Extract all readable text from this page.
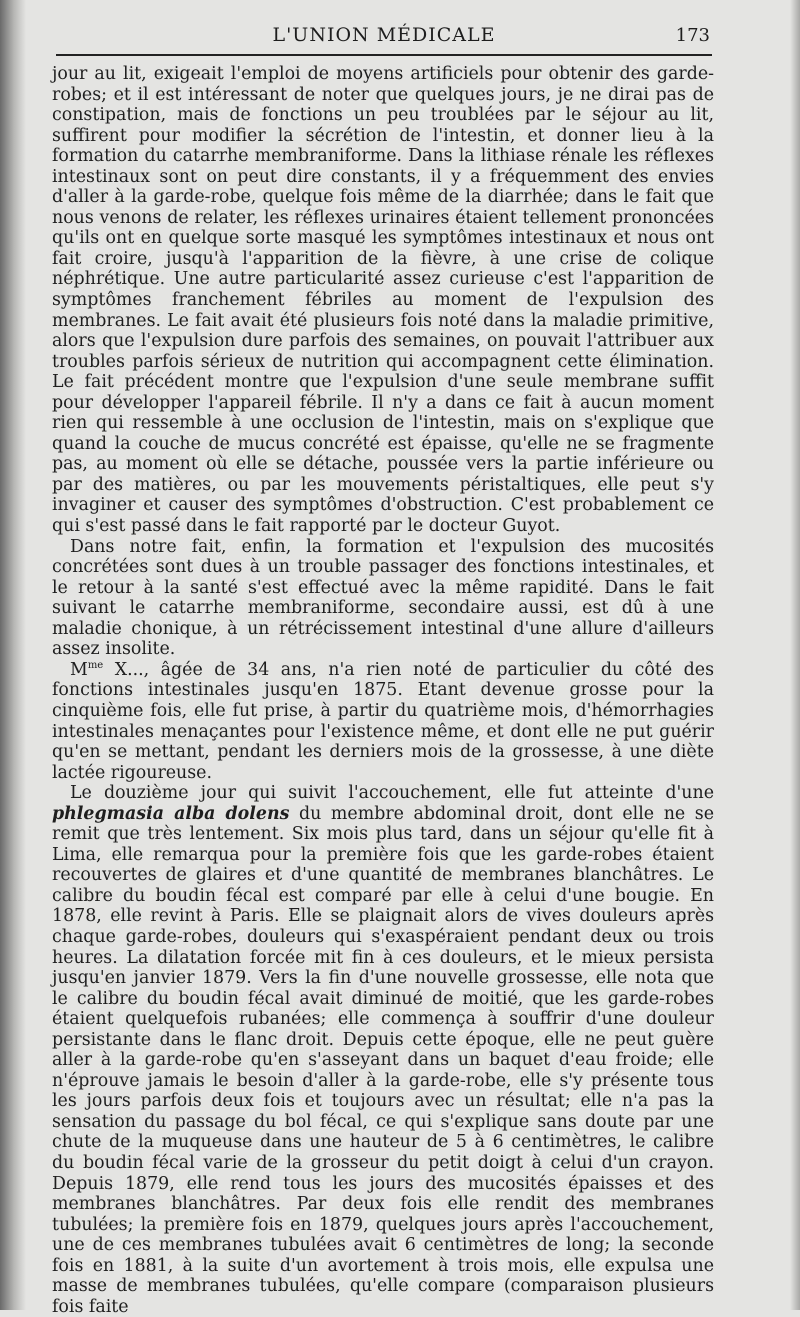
L'UNION MÉDICALE	173

jour au lit, exigeait l'emploi de moyens artificiels pour obtenir des garde-robes; et il est intéressant de noter que quelques jours, je ne dirai pas de constipation, mais de fonctions un peu troublées par le séjour au lit, suffirent pour modifier la sécrétion de l'intestin, et donner lieu à la formation du catarrhe membraniforme. Dans la lithiase rénale les réflexes intestinaux sont on peut dire constants, il y a fréquemment des envies d'aller à la garde-robe, quelque fois même de la diarrhée; dans le fait que nous venons de relater, les réflexes urinaires étaient tellement prononcées qu'ils ont en quelque sorte masqué les symptômes intestinaux et nous ont fait croire, jusqu'à l'apparition de la fièvre, à une crise de colique néphrétique. Une autre particularité assez curieuse c'est l'apparition de symptômes franchement fébriles au moment de l'expulsion des membranes. Le fait avait été plusieurs fois noté dans la maladie primitive, alors que l'expulsion dure parfois des semaines, on pouvait l'attribuer aux troubles parfois sérieux de nutrition qui accompagnent cette élimination. Le fait précédent montre que l'expulsion d'une seule membrane suffit pour développer l'appareil fébrile. Il n'y a dans ce fait à aucun moment rien qui ressemble à une occlusion de l'intestin, mais on s'explique que quand la couche de mucus concrété est épaisse, qu'elle ne se fragmente pas, au moment où elle se détache, poussée vers la partie inférieure ou par des matières, ou par les mouvements péristaltiques, elle peut s'y invaginer et causer des symptômes d'obstruction. C'est probablement ce qui s'est passé dans le fait rapporté par le docteur Guyot.

Dans notre fait, enfin, la formation et l'expulsion des mucosités concrétées sont dues à un trouble passager des fonctions intestinales, et le retour à la santé s'est effectué avec la même rapidité. Dans le fait suivant le catarrhe membraniforme, secondaire aussi, est dû à une maladie chonique, à un rétrécissement intestinal d'une allure d'ailleurs assez insolite.

$M^{me}$ X..., âgée de 34 ans, n'a rien noté de particulier du côté des fonctions intestinales jusqu'en 1875. Etant devenue grosse pour la cinquième fois, elle fut prise, à partir du quatrième mois, d'hémorrhagies intestinales menaçantes pour l'existence même, et dont elle ne put guérir qu'en se mettant, pendant les derniers mois de la grossesse, à une diète lactée rigoureuse.

Le douzième jour qui suivit l'accouchement, elle fut atteinte d'une phlegmasia alba dolens du membre abdominal droit, dont elle ne se remit que très lentement. Six mois plus tard, dans un séjour qu'elle fit à Lima, elle remarqua pour la première fois que les garde-robes étaient recouvertes de glaires et d'une quantité de membranes blanchâtres. Le calibre du boudin fécal est comparé par elle à celui d'une bougie. En 1878, elle revint à Paris. Elle se plaignait alors de vives douleurs après chaque garde-robes, douleurs qui s'exaspéraient pendant deux ou trois heures. La dilatation forcée mit fin à ces douleurs, et le mieux persista jusqu'en janvier 1879. Vers la fin d'une nouvelle grossesse, elle nota que le calibre du boudin fécal avait diminué de moitié, que les garde-robes étaient quelquefois rubanées; elle commença à souffrir d'une douleur persistante dans le flanc droit. Depuis cette époque, elle ne peut guère aller à la garde-robe qu'en s'asseyant dans un baquet d'eau froide; elle n'éprouve jamais le besoin d'aller à la garde-robe, elle s'y présente tous les jours parfois deux fois et toujours avec un résultat; elle n'a pas la sensation du passage du bol fécal, ce qui s'explique sans doute par une chute de la muqueuse dans une hauteur de 5 à 6 centimètres, le calibre du boudin fécal varie de la grosseur du petit doigt à celui d'un crayon. Depuis 1879, elle rend tous les jours des mucosités épaisses et des membranes blanchâtres. Par deux fois elle rendit des membranes tubulées; la première fois en 1879, quelques jours après l'accouchement, une de ces membranes tubulées avait 6 centimètres de long; la seconde fois en 1881, à la suite d'un avortement à trois mois, elle expulsa une masse de membranes tubulées, qu'elle compare (comparaison plusieurs fois faite
